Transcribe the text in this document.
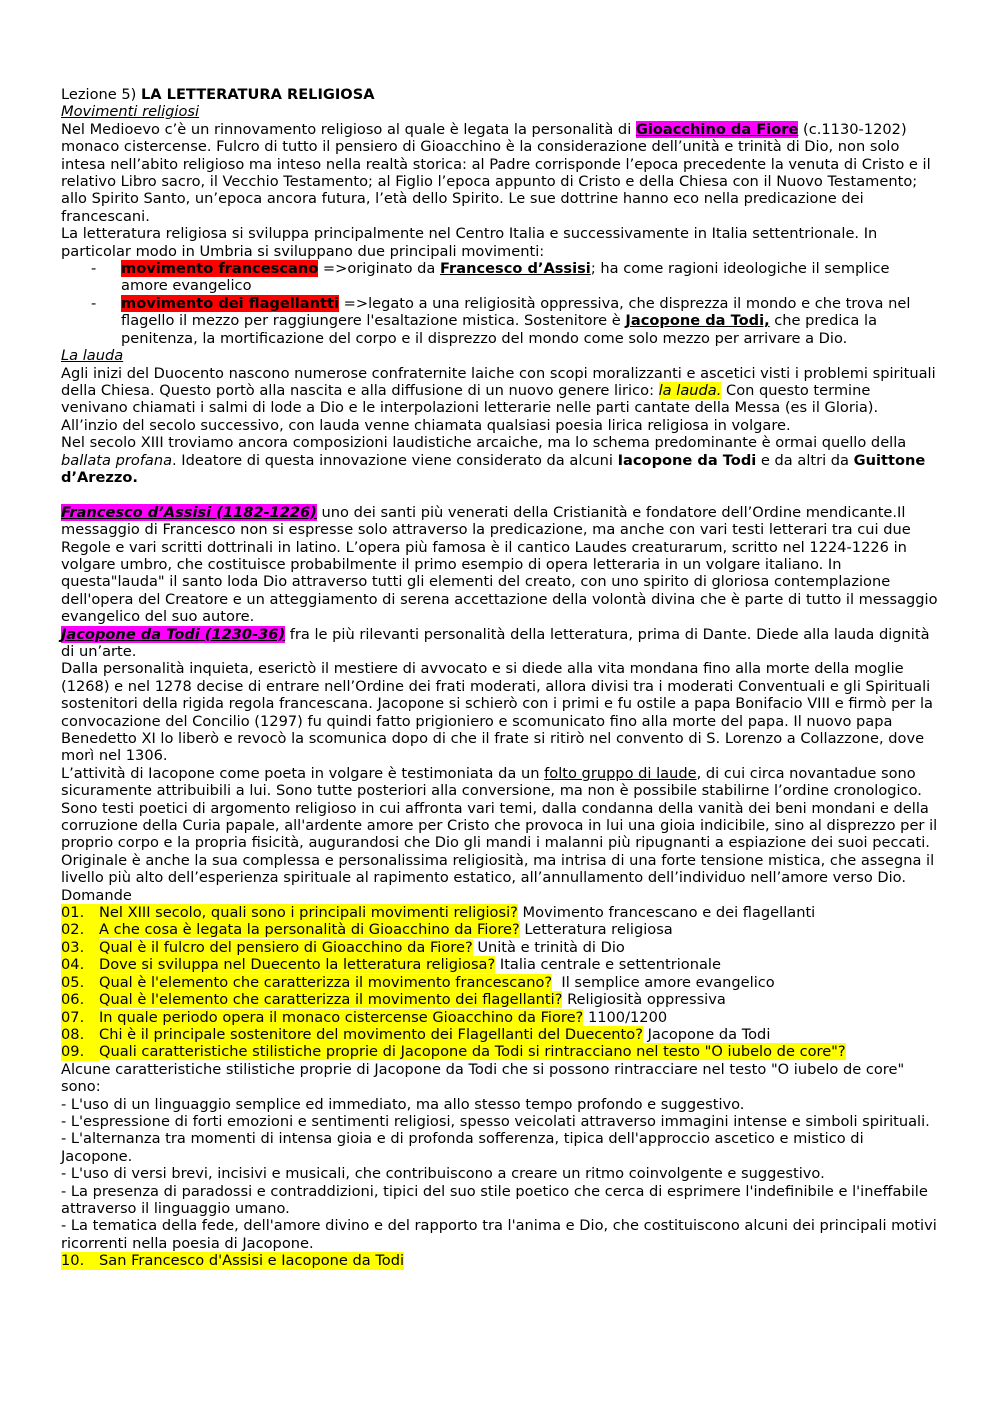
Lezione 5) LA LETTERATURA RELIGIOSA

Movimenti religiosi

Nel Medioevo c’è un rinnovamento religioso al quale è legata la personalità di Gioacchino da Fiore (c.1130-1202) monaco cistercense. Fulcro di tutto il pensiero di Gioacchino è la considerazione dell’unità e trinità di Dio, non solo intesa nell’abito religioso ma inteso nella realtà storica: al Padre corrisponde l’epoca precedente la venuta di Cristo e il relativo Libro sacro, il Vecchio Testamento; al Figlio l’epoca appunto di Cristo e della Chiesa con il Nuovo Testamento; allo Spirito Santo, un’epoca ancora futura, l’età dello Spirito. Le sue dottrine hanno eco nella predicazione dei francescani.

La letteratura religiosa si sviluppa principalmente nel Centro Italia e successivamente in Italia settentrionale. In particolar modo in Umbria si sviluppano due principali movimenti:

- movimento francescano =>originato da Francesco d’Assisi; ha come ragioni ideologiche il semplice amore evangelico
- movimento dei flagellantti =>legato a una religiosità oppressiva, che disprezza il mondo e che trova nel flagello il mezzo per raggiungere l'esaltazione mistica. Sostenitore è Jacopone da Todi, che predica la penitenza, la mortificazione del corpo e il disprezzo del mondo come solo mezzo per arrivare a Dio.

La lauda

Agli inizi del Duocento nascono numerose confraternite laiche con scopi moralizzanti e ascetici visti i problemi spirituali della Chiesa. Questo portò alla nascita e alla diffusione di un nuovo genere lirico: la lauda. Con questo termine venivano chiamati i salmi di lode a Dio e le interpolazioni letterarie nelle parti cantate della Messa (es il Gloria). All’inzio del secolo successivo, con lauda venne chiamata qualsiasi poesia lirica religiosa in volgare.

Nel secolo XIII troviamo ancora composizioni laudistiche arcaiche, ma lo schema predominante è ormai quello della ballata profana. Ideatore di questa innovazione viene considerato da alcuni Iacopone da Todi e da altri da Guittone d’Arezzo.

Francesco d’Assisi (1182-1226) uno dei santi più venerati della Cristianità e fondatore dell’Ordine mendicante.Il messaggio di Francesco non si espresse solo attraverso la predicazione, ma anche con vari testi letterari tra cui due Regole e vari scritti dottrinali in latino. L’opera più famosa è il cantico Laudes creaturarum, scritto nel 1224-1226 in volgare umbro, che costituisce probabilmente il primo esempio di opera letteraria in un volgare italiano. In questa"lauda" il santo loda Dio attraverso tutti gli elementi del creato, con uno spirito di gloriosa contemplazione dell'opera del Creatore e un atteggiamento di serena accettazione della volontà divina che è parte di tutto il messaggio evangelico del suo autore.

Jacopone da Todi (1230-36) fra le più rilevanti personalità della letteratura, prima di Dante. Diede alla lauda dignità di un’arte.

Dalla personalità inquieta, eserictò il mestiere di avvocato e si diede alla vita mondana fino alla morte della moglie (1268) e nel 1278 decise di entrare nell’Ordine dei frati moderati, allora divisi tra i moderati Conventuali e gli Spirituali sostenitori della rigida regola francescana. Jacopone si schierò con i primi e fu ostile a papa Bonifacio VIII e firmò per la convocazione del Concilio (1297) fu quindi fatto prigioniero e scomunicato fino alla morte del papa. Il nuovo papa Benedetto XI lo liberò e revocò la scomunica dopo di che il frate si ritirò nel convento di S. Lorenzo a Collazzone, dove morì nel 1306.

L’attività di Iacopone come poeta in volgare è testimoniata da un folto gruppo di laude, di cui circa novantadue sono sicuramente attribuibili a lui. Sono tutte posteriori alla conversione, ma non è possibile stabilirne l’ordine cronologico. Sono testi poetici di argomento religioso in cui affronta vari temi, dalla condanna della vanità dei beni mondani e della corruzione della Curia papale, all'ardente amore per Cristo che provoca in lui una gioia indicibile, sino al disprezzo per il proprio corpo e la propria fisicità, augurandosi che Dio gli mandi i malanni più ripugnanti a espiazione dei suoi peccati. Originale è anche la sua complessa e personalissima religiosità, ma intrisa di una forte tensione mistica, che assegna il livello più alto dell’esperienza spirituale al rapimento estatico, all’annullamento dell’individuo nell’amore verso Dio.

Domande

01.	Nel XIII secolo, quali sono i principali movimenti religiosi? Movimento francescano e dei flagellanti

02.	A che cosa è legata la personalità di Gioacchino da Fiore? Letteratura religiosa

03.	Qual è il fulcro del pensiero di Gioacchino da Fiore? Unità e trinità di Dio

04.	Dove si sviluppa nel Duecento la letteratura religiosa? Italia centrale e settentrionale

05.	Qual è l'elemento che caratterizza il movimento francescano?  Il semplice amore evangelico

06.	Qual è l'elemento che caratterizza il movimento dei flagellanti? Religiosità oppressiva

07.	In quale periodo opera il monaco cistercense Gioacchino da Fiore? 1100/1200

08.	Chi è il principale sostenitore del movimento dei Flagellanti del Duecento? Jacopone da Todi

09.	Quali caratteristiche stilistiche proprie di Jacopone da Todi si rintracciano nel testo "O iubelo de core"?

Alcune caratteristiche stilistiche proprie di Jacopone da Todi che si possono rintracciare nel testo "O iubelo de core" sono:

- L'uso di un linguaggio semplice ed immediato, ma allo stesso tempo profondo e suggestivo.

- L'espressione di forti emozioni e sentimenti religiosi, spesso veicolati attraverso immagini intense e simboli spirituali.

- L'alternanza tra momenti di intensa gioia e di profonda sofferenza, tipica dell'approccio ascetico e mistico di Jacopone.

- L'uso di versi brevi, incisivi e musicali, che contribuiscono a creare un ritmo coinvolgente e suggestivo.

- La presenza di paradossi e contraddizioni, tipici del suo stile poetico che cerca di esprimere l'indefinibile e l'ineffabile attraverso il linguaggio umano.

- La tematica della fede, dell'amore divino e del rapporto tra l'anima e Dio, che costituiscono alcuni dei principali motivi ricorrenti nella poesia di Jacopone.

10.	San Francesco d'Assisi e Iacopone da Todi
